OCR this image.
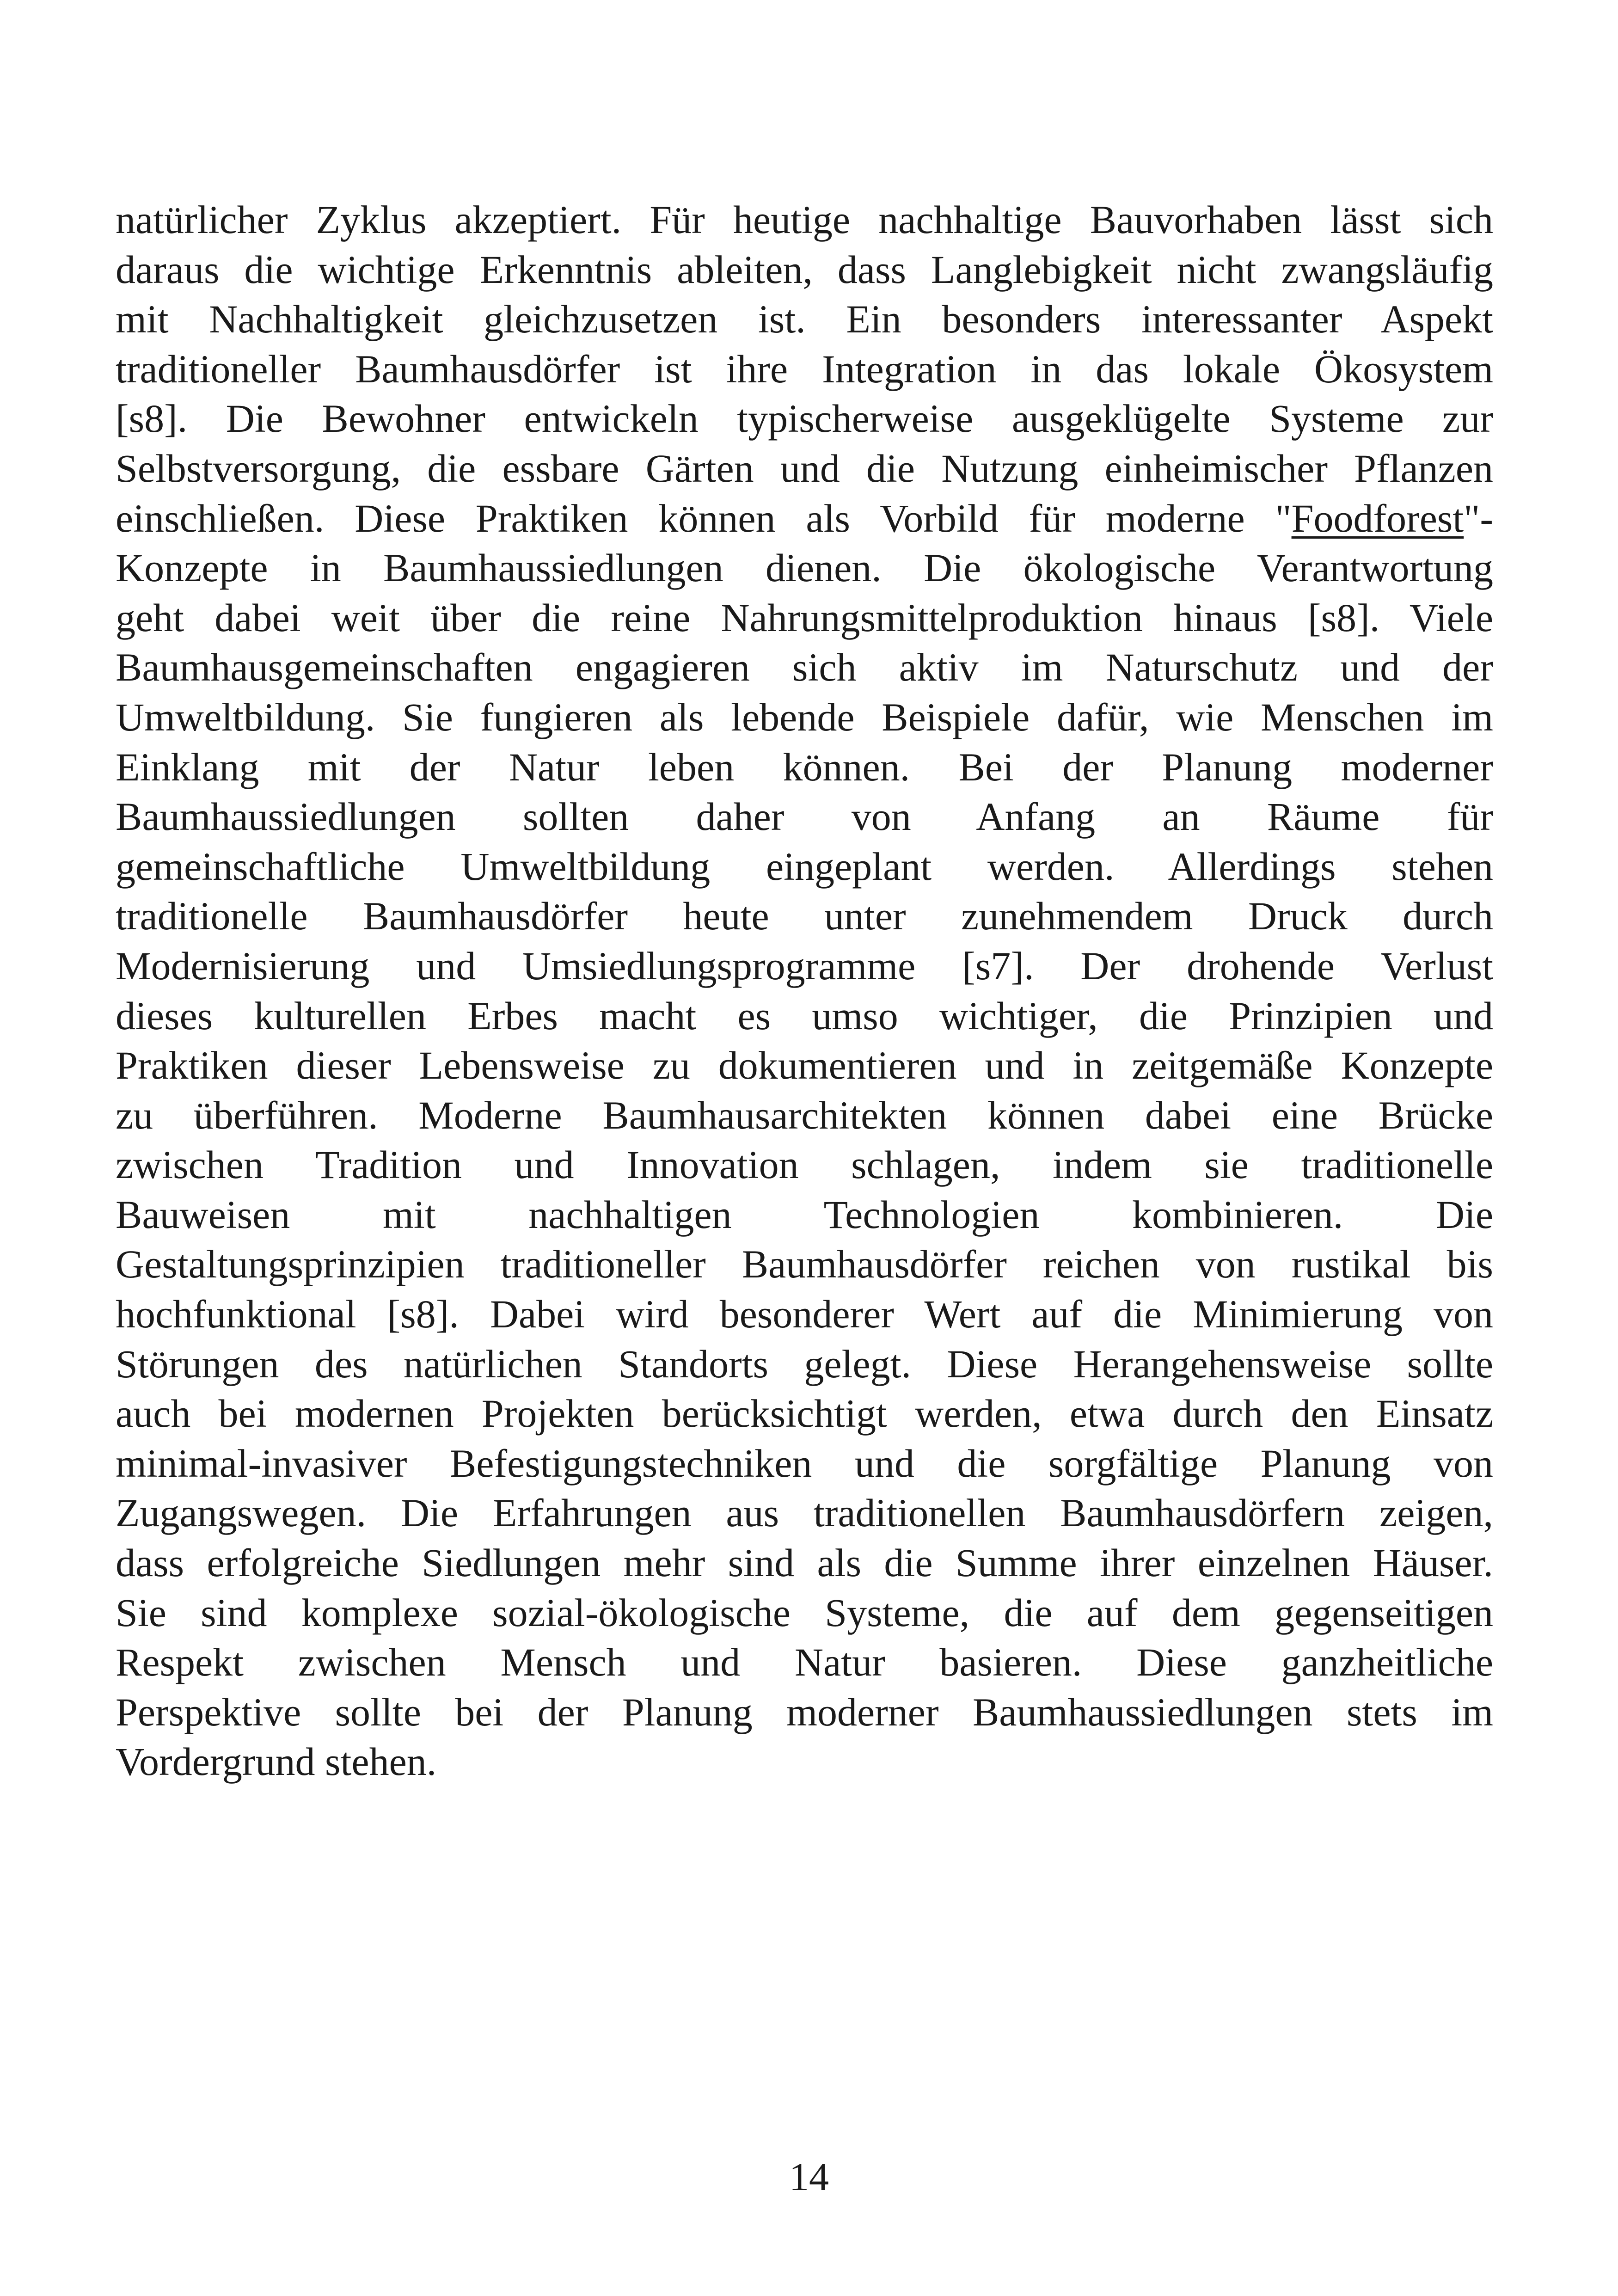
natürlicher Zyklus akzeptiert. Für heutige nachhaltige Bauvorhaben lässt sich
daraus die wichtige Erkenntnis ableiten, dass Langlebigkeit nicht zwangsläufig
mit Nachhaltigkeit gleichzusetzen ist. Ein besonders interessanter Aspekt
traditioneller Baumhausdörfer ist ihre Integration in das lokale Ökosystem
[s8]. Die Bewohner entwickeln typischerweise ausgeklügelte Systeme zur
Selbstversorgung, die essbare Gärten und die Nutzung einheimischer Pflanzen
einschließen. Diese Praktiken können als Vorbild für moderne "Foodforest"-
Konzepte in Baumhaussiedlungen dienen. Die ökologische Verantwortung
geht dabei weit über die reine Nahrungsmittelproduktion hinaus [s8]. Viele
Baumhausgemeinschaften engagieren sich aktiv im Naturschutz und der
Umweltbildung. Sie fungieren als lebende Beispiele dafür, wie Menschen im
Einklang mit der Natur leben können. Bei der Planung moderner
Baumhaussiedlungen sollten daher von Anfang an Räume für
gemeinschaftliche Umweltbildung eingeplant werden. Allerdings stehen
traditionelle Baumhausdörfer heute unter zunehmendem Druck durch
Modernisierung und Umsiedlungsprogramme [s7]. Der drohende Verlust
dieses kulturellen Erbes macht es umso wichtiger, die Prinzipien und
Praktiken dieser Lebensweise zu dokumentieren und in zeitgemäße Konzepte
zu überführen. Moderne Baumhausarchitekten können dabei eine Brücke
zwischen Tradition und Innovation schlagen, indem sie traditionelle
Bauweisen mit nachhaltigen Technologien kombinieren. Die
Gestaltungsprinzipien traditioneller Baumhausdörfer reichen von rustikal bis
hochfunktional [s8]. Dabei wird besonderer Wert auf die Minimierung von
Störungen des natürlichen Standorts gelegt. Diese Herangehensweise sollte
auch bei modernen Projekten berücksichtigt werden, etwa durch den Einsatz
minimal-invasiver Befestigungstechniken und die sorgfältige Planung von
Zugangswegen. Die Erfahrungen aus traditionellen Baumhausdörfern zeigen,
dass erfolgreiche Siedlungen mehr sind als die Summe ihrer einzelnen Häuser.
Sie sind komplexe sozial-ökologische Systeme, die auf dem gegenseitigen
Respekt zwischen Mensch und Natur basieren. Diese ganzheitliche
Perspektive sollte bei der Planung moderner Baumhaussiedlungen stets im
Vordergrund stehen.

14
